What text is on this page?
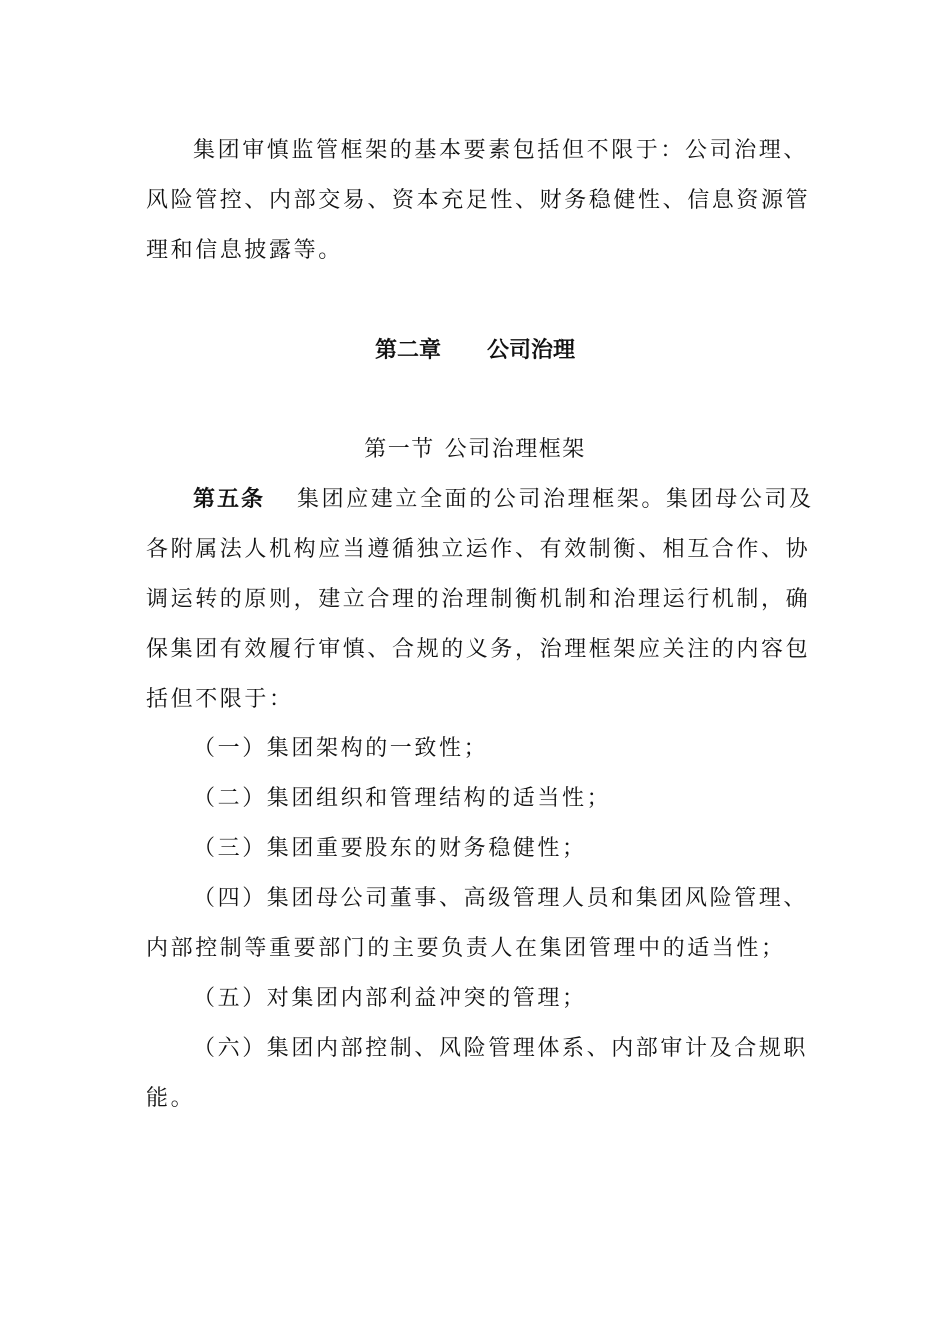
集团审慎监管框架的基本要素包括但不限于：公司治理、
风险管控、内部交易、资本充足性、财务稳健性、信息资源管
理和信息披露等。
第二章 公司治理
第一节 公司治理框架
第五条 集团应建立全面的公司治理框架。集团母公司及
各附属法人机构应当遵循独立运作、有效制衡、相互合作、协
调运转的原则，建立合理的治理制衡机制和治理运行机制，确
保集团有效履行审慎、合规的义务，治理框架应关注的内容包
括但不限于：
（一）集团架构的一致性；
（二）集团组织和管理结构的适当性；
（三）集团重要股东的财务稳健性；
（四）集团母公司董事、高级管理人员和集团风险管理、
内部控制等重要部门的主要负责人在集团管理中的适当性；
（五）对集团内部利益冲突的管理；
（六）集团内部控制、风险管理体系、内部审计及合规职
能。
